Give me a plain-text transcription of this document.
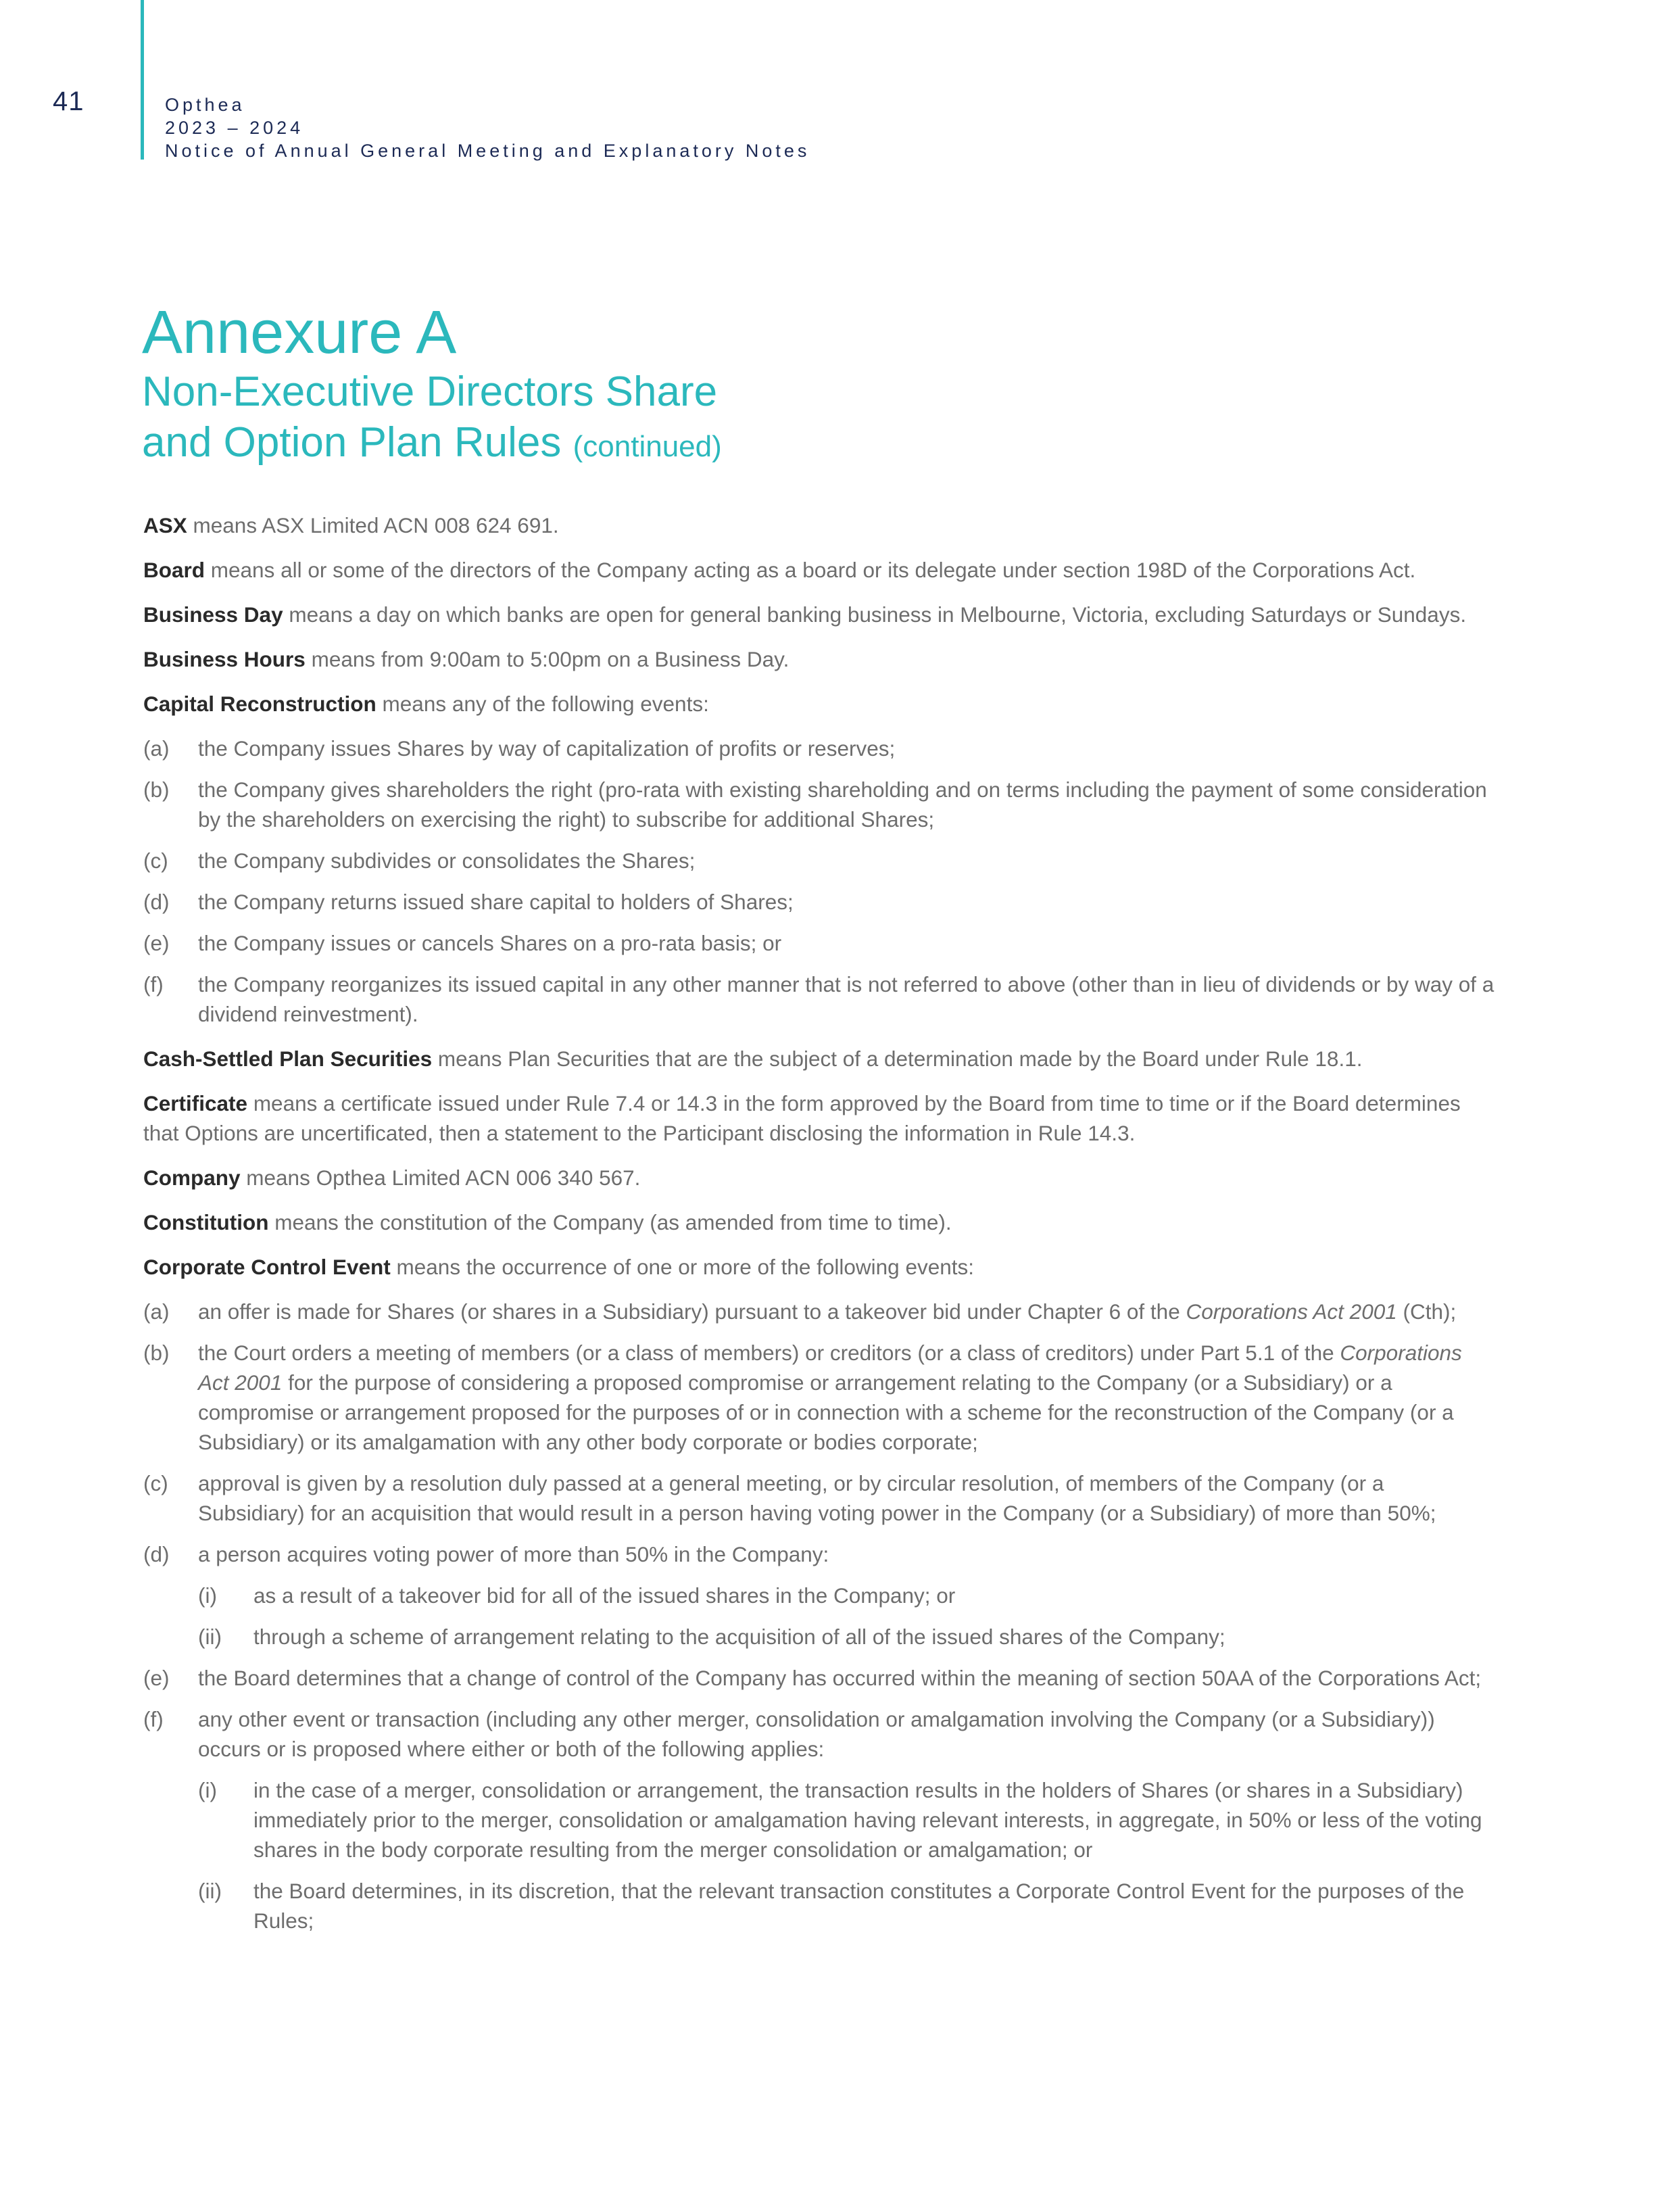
41	Opthea
2023 – 2024
Notice of Annual General Meeting and Explanatory Notes
Annexure A
Non-Executive Directors Share
and Option Plan Rules (continued)
ASX means ASX Limited ACN 008 624 691.
Board means all or some of the directors of the Company acting as a board or its delegate under section 198D of the Corporations Act.
Business Day means a day on which banks are open for general banking business in Melbourne, Victoria, excluding Saturdays or Sundays.
Business Hours means from 9:00am to 5:00pm on a Business Day.
Capital Reconstruction means any of the following events:
(a)	the Company issues Shares by way of capitalization of profits or reserves;
(b)	the Company gives shareholders the right (pro-rata with existing shareholding and on terms including the payment of some consideration by the shareholders on exercising the right) to subscribe for additional Shares;
(c)	the Company subdivides or consolidates the Shares;
(d)	the Company returns issued share capital to holders of Shares;
(e)	the Company issues or cancels Shares on a pro-rata basis; or
(f)	the Company reorganizes its issued capital in any other manner that is not referred to above (other than in lieu of dividends or by way of a dividend reinvestment).
Cash-Settled Plan Securities means Plan Securities that are the subject of a determination made by the Board under Rule 18.1.
Certificate means a certificate issued under Rule 7.4 or 14.3 in the form approved by the Board from time to time or if the Board determines that Options are uncertificated, then a statement to the Participant disclosing the information in Rule 14.3.
Company means Opthea Limited ACN 006 340 567.
Constitution means the constitution of the Company (as amended from time to time).
Corporate Control Event means the occurrence of one or more of the following events:
(a)	an offer is made for Shares (or shares in a Subsidiary) pursuant to a takeover bid under Chapter 6 of the Corporations Act 2001 (Cth);
(b)	the Court orders a meeting of members (or a class of members) or creditors (or a class of creditors) under Part 5.1 of the Corporations Act 2001 for the purpose of considering a proposed compromise or arrangement relating to the Company (or a Subsidiary) or a compromise or arrangement proposed for the purposes of or in connection with a scheme for the reconstruction of the Company (or a Subsidiary) or its amalgamation with any other body corporate or bodies corporate;
(c)	approval is given by a resolution duly passed at a general meeting, or by circular resolution, of members of the Company (or a Subsidiary) for an acquisition that would result in a person having voting power in the Company (or a Subsidiary) of more than 50%;
(d)	a person acquires voting power of more than 50% in the Company:
(i)	as a result of a takeover bid for all of the issued shares in the Company; or
(ii)	through a scheme of arrangement relating to the acquisition of all of the issued shares of the Company;
(e)	the Board determines that a change of control of the Company has occurred within the meaning of section 50AA of the Corporations Act;
(f)	any other event or transaction (including any other merger, consolidation or amalgamation involving the Company (or a Subsidiary)) occurs or is proposed where either or both of the following applies:
(i)	in the case of a merger, consolidation or arrangement, the transaction results in the holders of Shares (or shares in a Subsidiary) immediately prior to the merger, consolidation or amalgamation having relevant interests, in aggregate, in 50% or less of the voting shares in the body corporate resulting from the merger consolidation or amalgamation; or
(ii)	the Board determines, in its discretion, that the relevant transaction constitutes a Corporate Control Event for the purposes of the Rules;
